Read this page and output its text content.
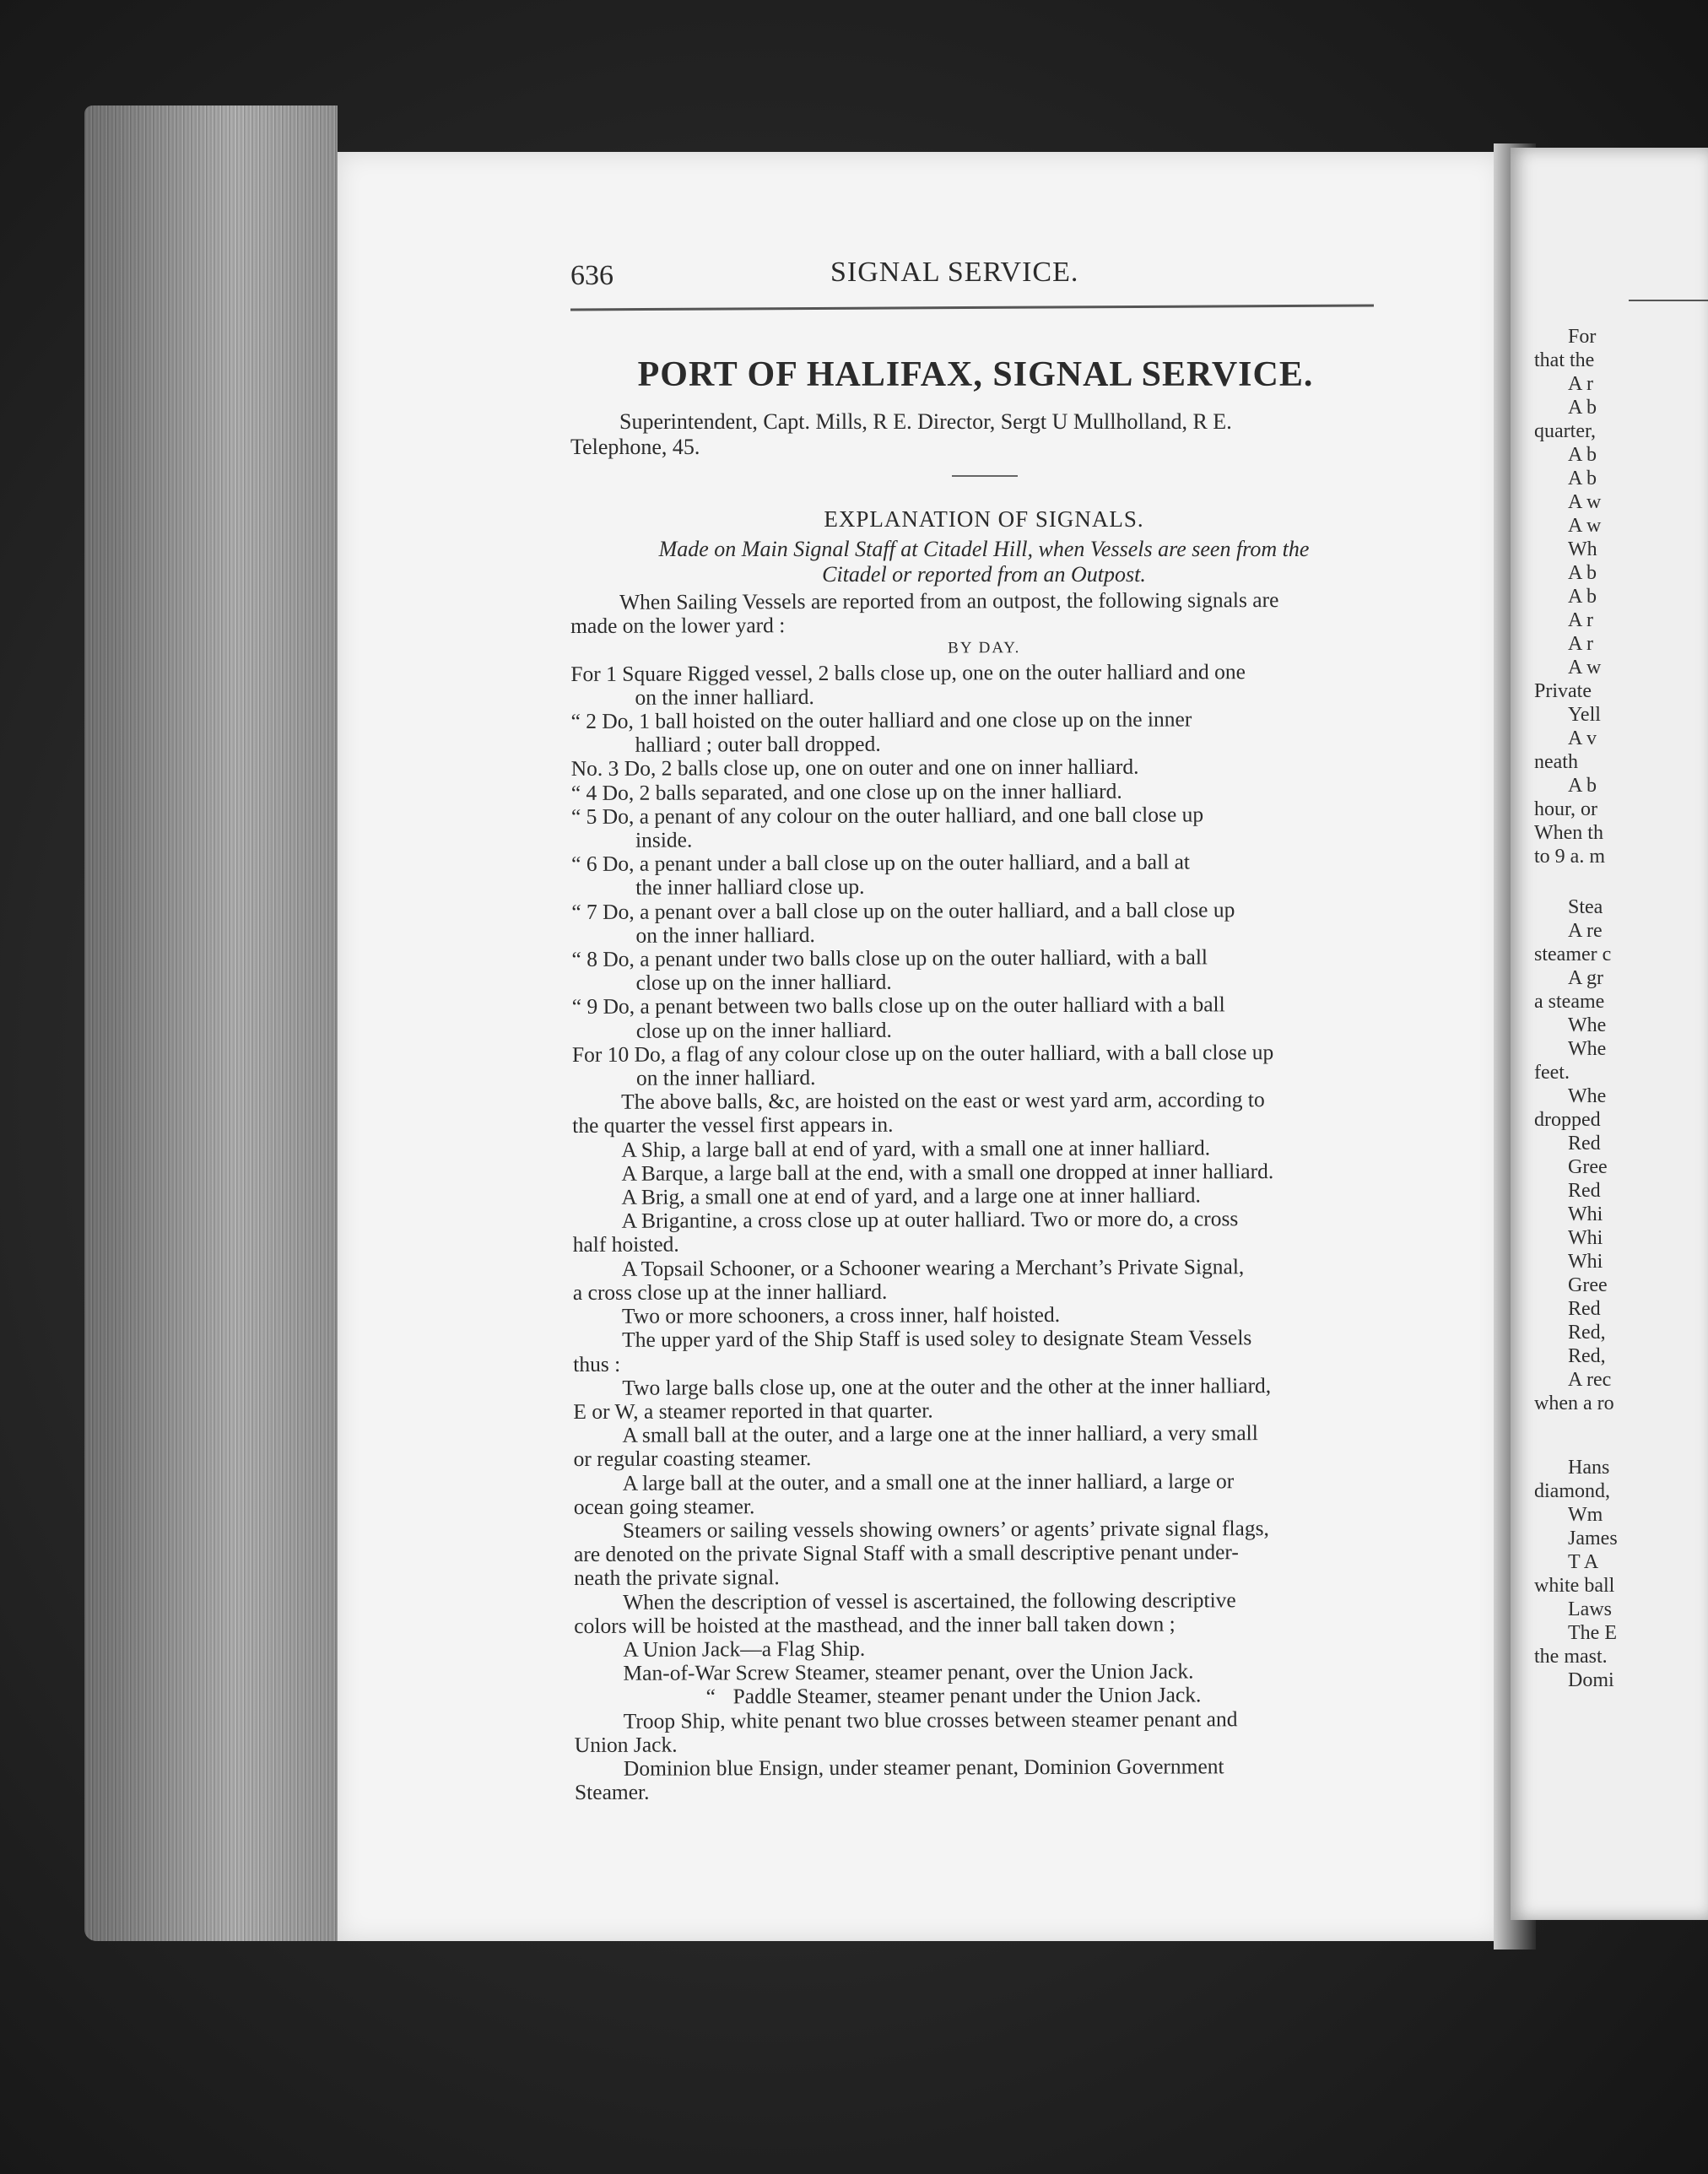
For
that the
A r
A b
quarter,
A b
A b
A w
A w
Wh
A b
A b
A r
A r
A w
Private
Yell
A v
neath
A b
hour, or
When th
to 9 a. m
Stea
A re
steamer c
A gr
a steame
Whe
Whe
feet.
Whe
dropped
Red
Gree
Red
Whi
Whi
Whi
Gree
Red
Red,
Red,
A rec
when a ro
Hans
diamond,
Wm
James
T A
white ball
Laws
The E
the mast.
Domi
636	SIGNAL SERVICE.
PORT OF HALIFAX, SIGNAL SERVICE.
Superintendent, Capt. Mills, R E. Director, Sergt U Mullholland, R E.
Telephone, 45.
EXPLANATION OF SIGNALS.
Made on Main Signal Staff at Citadel Hill, when Vessels are seen from the
Citadel or reported from an Outpost.

When Sailing Vessels are reported from an outpost, the following signals are

made on the lower yard :

BY DAY.

For 1 Square Rigged vessel, 2 balls close up, one on the outer halliard and one

on the inner halliard.

“ 2 Do, 1 ball hoisted on the outer halliard and one close up on the inner

halliard ; outer ball dropped.

No. 3 Do, 2 balls close up, one on outer and one on inner halliard.

“ 4 Do, 2 balls separated, and one close up on the inner halliard.

“ 5 Do, a penant of any colour on the outer halliard, and one ball close up

inside.

“ 6 Do, a penant under a ball close up on the outer halliard, and a ball at

the inner halliard close up.

“ 7 Do, a penant over a ball close up on the outer halliard, and a ball close up

on the inner halliard.

“ 8 Do, a penant under two balls close up on the outer halliard, with a ball

close up on the inner halliard.

“ 9 Do, a penant between two balls close up on the outer halliard with a ball

close up on the inner halliard.

For 10 Do, a flag of any colour close up on the outer halliard, with a ball close up

on the inner halliard.

The above balls, &c, are hoisted on the east or west yard arm, according to

the quarter the vessel first appears in.

A Ship, a large ball at end of yard, with a small one at inner halliard.

A Barque, a large ball at the end, with a small one dropped at inner halliard.

A Brig, a small one at end of yard, and a large one at inner halliard.

A Brigantine, a cross close up at outer halliard. Two or more do, a cross

half hoisted.

A Topsail Schooner, or a Schooner wearing a Merchant’s Private Signal,

a cross close up at the inner halliard.

Two or more schooners, a cross inner, half hoisted.

The upper yard of the Ship Staff is used soley to designate Steam Vessels

thus :

Two large balls close up, one at the outer and the other at the inner halliard,

E or W, a steamer reported in that quarter.

A small ball at the outer, and a large one at the inner halliard, a very small

or regular coasting steamer.

A large ball at the outer, and a small one at the inner halliard, a large or

ocean going steamer.

Steamers or sailing vessels showing owners’ or agents’ private signal flags,

are denoted on the private Signal Staff with a small descriptive penant under-

neath the private signal.

When the description of vessel is ascertained, the following descriptive

colors will be hoisted at the masthead, and the inner ball taken down ;

A Union Jack—a Flag Ship.

Man-of-War Screw Steamer, steamer penant, over the Union Jack.

“ Paddle Steamer, steamer penant under the Union Jack.

Troop Ship, white penant two blue crosses between steamer penant and

Union Jack.

Dominion blue Ensign, under steamer penant, Dominion Government

Steamer.
